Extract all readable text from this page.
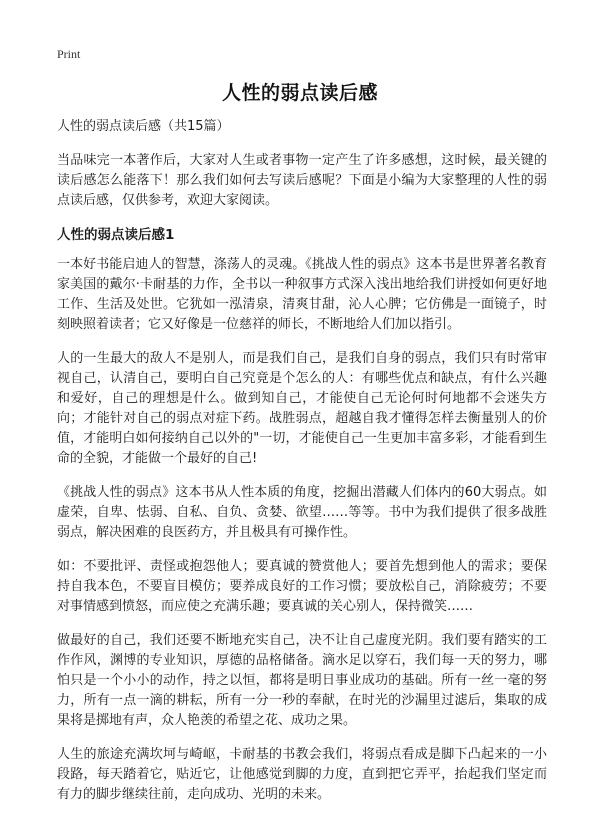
Print
人性的弱点读后感
人性的弱点读后感（共15篇）

当品味完一本著作后，大家对人生或者事物一定产生了许多感想，这时候，最关键的读后感怎么能落下！那么我们如何去写读后感呢？下面是小编为大家整理的人性的弱点读后感，仅供参考，欢迎大家阅读。

人性的弱点读后感1

一本好书能启迪人的智慧，涤荡人的灵魂。《挑战人性的弱点》这本书是世界著名教育家美国的戴尔·卡耐基的力作，全书以一种叙事方式深入浅出地给我们讲授如何更好地工作、生活及处世。它犹如一泓清泉，清爽甘甜，沁人心脾；它仿佛是一面镜子，时刻映照着读者；它又好像是一位慈祥的师长，不断地给人们加以指引。

人的一生最大的敌人不是别人，而是我们自己，是我们自身的弱点，我们只有时常审视自己，认清自己，要明白自己究竟是个怎么的人：有哪些优点和缺点，有什么兴趣和爱好，自己的理想是什么。做到知自己，才能使自己无论何时何地都不会迷失方向；才能针对自己的弱点对症下药。战胜弱点，超越自我才懂得怎样去衡量别人的价值，才能明白如何接纳自己以外的"一切，才能使自己一生更加丰富多彩，才能看到生命的全貌，才能做一个最好的自己!

《挑战人性的弱点》这本书从人性本质的角度，挖掘出潜藏人们体内的60大弱点。如虚荣，自卑、怯弱、自私、自负、贪婪、欲望……等等。书中为我们提供了很多战胜弱点，解决困难的良医药方，并且极具有可操作性。

如：不要批评、责怪或抱怨他人；要真诚的赞赏他人；要首先想到他人的需求；要保持自我本色，不要盲目模仿；要养成良好的工作习惯；要放松自己，消除疲劳；不要对事情感到愤怒，而应使之充满乐趣；要真诚的关心别人，保持微笑……

做最好的自己，我们还要不断地充实自己，决不让自己虚度光阴。我们要有踏实的工作作风，渊博的专业知识，厚德的品格储备。滴水足以穿石，我们每一天的努力，哪怕只是一个小小的动作，持之以恒，都将是明日事业成功的基础。所有一丝一毫的努力，所有一点一滴的耕耘，所有一分一秒的奉献，在时光的沙漏里过滤后，集取的成果将是掷地有声，众人艳羡的希望之花、成功之果。

人生的旅途充满坎坷与崎岖，卡耐基的书教会我们，将弱点看成是脚下凸起来的一小段路，每天踏着它，贴近它，让他感觉到脚的力度，直到把它弄平，抬起我们坚定而有力的脚步继续往前，走向成功、光明的未来。
